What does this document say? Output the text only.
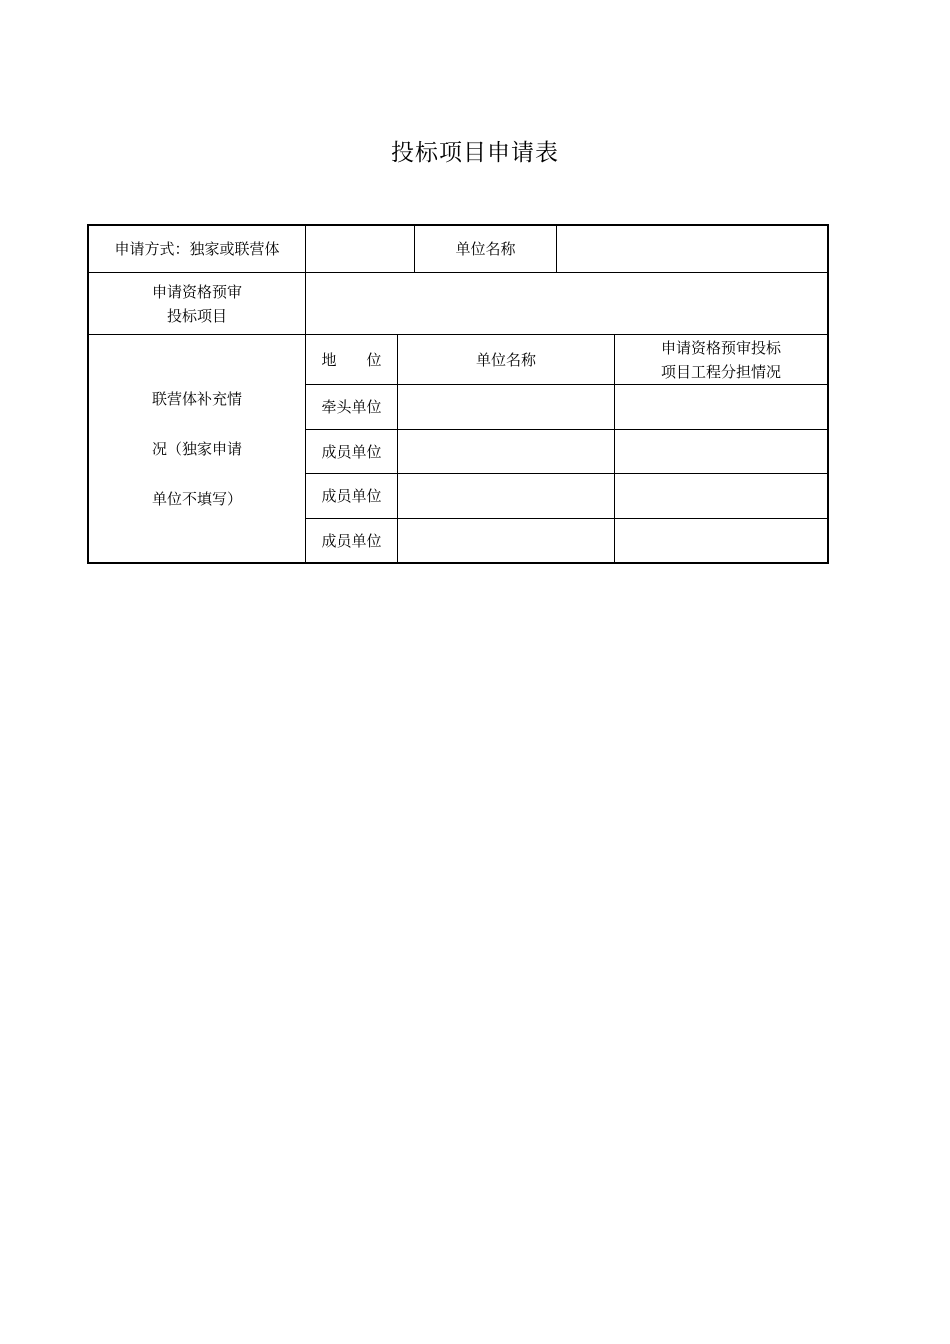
投标项目申请表
申请方式：独家或联营体	单位名称
申请资格预审
投标项目
联营体补充情
况（独家申请
单位不填写）
地　　位	单位名称
申请资格预审投标
项目工程分担情况
牵头单位
成员单位
成员单位
成员单位
